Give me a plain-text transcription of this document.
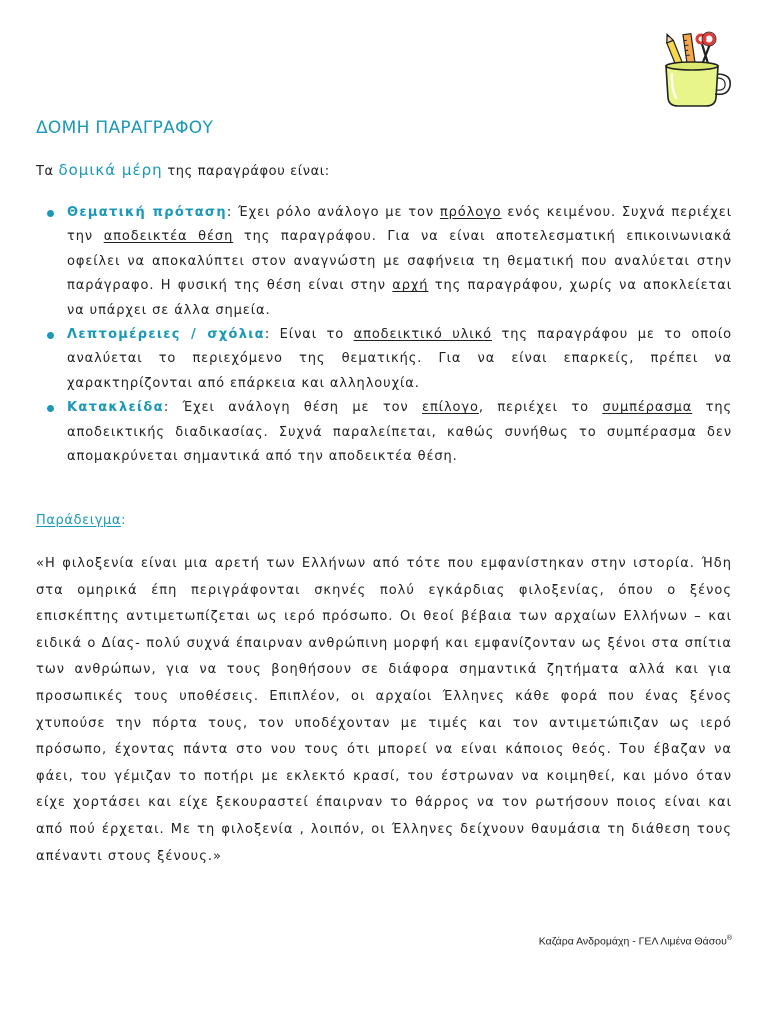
ΔΟΜΗ ΠΑΡΑΓΡΑΦΟΥ
Τα δομικά μέρη της παραγράφου είναι:
Θεματική πρόταση: Έχει ρόλο ανάλογο με τον πρόλογο ενός κειμένου. Συχνά περιέχει την αποδεικτέα θέση της παραγράφου. Για να είναι αποτελεσματική επικοινωνιακά οφείλει να αποκαλύπτει στον αναγνώστη με σαφήνεια τη θεματική που αναλύεται στην παράγραφο. Η φυσική της θέση είναι στην αρχή της παραγράφου, χωρίς να αποκλείεται να υπάρχει σε άλλα σημεία.
Λεπτομέρειες / σχόλια: Είναι το αποδεικτικό υλικό της παραγράφου με το οποίο αναλύεται το περιεχόμενο της θεματικής. Για να είναι επαρκείς, πρέπει να χαρακτηρίζονται από επάρκεια και αλληλουχία.
Κατακλείδα: Έχει ανάλογη θέση με τον επίλογο, περιέχει το συμπέρασμα της αποδεικτικής διαδικασίας. Συχνά παραλείπεται, καθώς συνήθως το συμπέρασμα δεν απομακρύνεται σημαντικά από την αποδεικτέα θέση.
Παράδειγμα:
«Η φιλοξενία είναι μια αρετή των Ελλήνων από τότε που εμφανίστηκαν στην ιστορία. Ήδη στα ομηρικά έπη περιγράφονται σκηνές πολύ εγκάρδιας φιλοξενίας, όπου ο ξένος επισκέπτης αντιμετωπίζεται ως ιερό πρόσωπο. Οι θεοί βέβαια των αρχαίων Ελλήνων – και ειδικά ο Δίας- πολύ συχνά έπαιρναν ανθρώπινη μορφή και εμφανίζονταν ως ξένοι στα σπίτια των ανθρώπων, για να τους βοηθήσουν σε διάφορα σημαντικά ζητήματα αλλά και για προσωπικές τους υποθέσεις. Επιπλέον, οι αρχαίοι Έλληνες κάθε φορά που ένας ξένος χτυπούσε την πόρτα τους, τον υποδέχονταν με τιμές και τον αντιμετώπιζαν ως ιερό πρόσωπο, έχοντας πάντα στο νου τους ότι μπορεί να είναι κάποιος θεός. Του έβαζαν να φάει, του γέμιζαν το ποτήρι με εκλεκτό κρασί, του έστρωναν να κοιμηθεί, και μόνο όταν είχε χορτάσει και είχε ξεκουραστεί έπαιρναν το θάρρος να τον ρωτήσουν ποιος είναι και από πού έρχεται. Με τη φιλοξενία , λοιπόν, οι Έλληνες δείχνουν θαυμάσια τη διάθεση τους απέναντι στους ξένους.»
Καζάρα Ανδρομάχη - ΓΕΛ Λιμένα Θάσου®
